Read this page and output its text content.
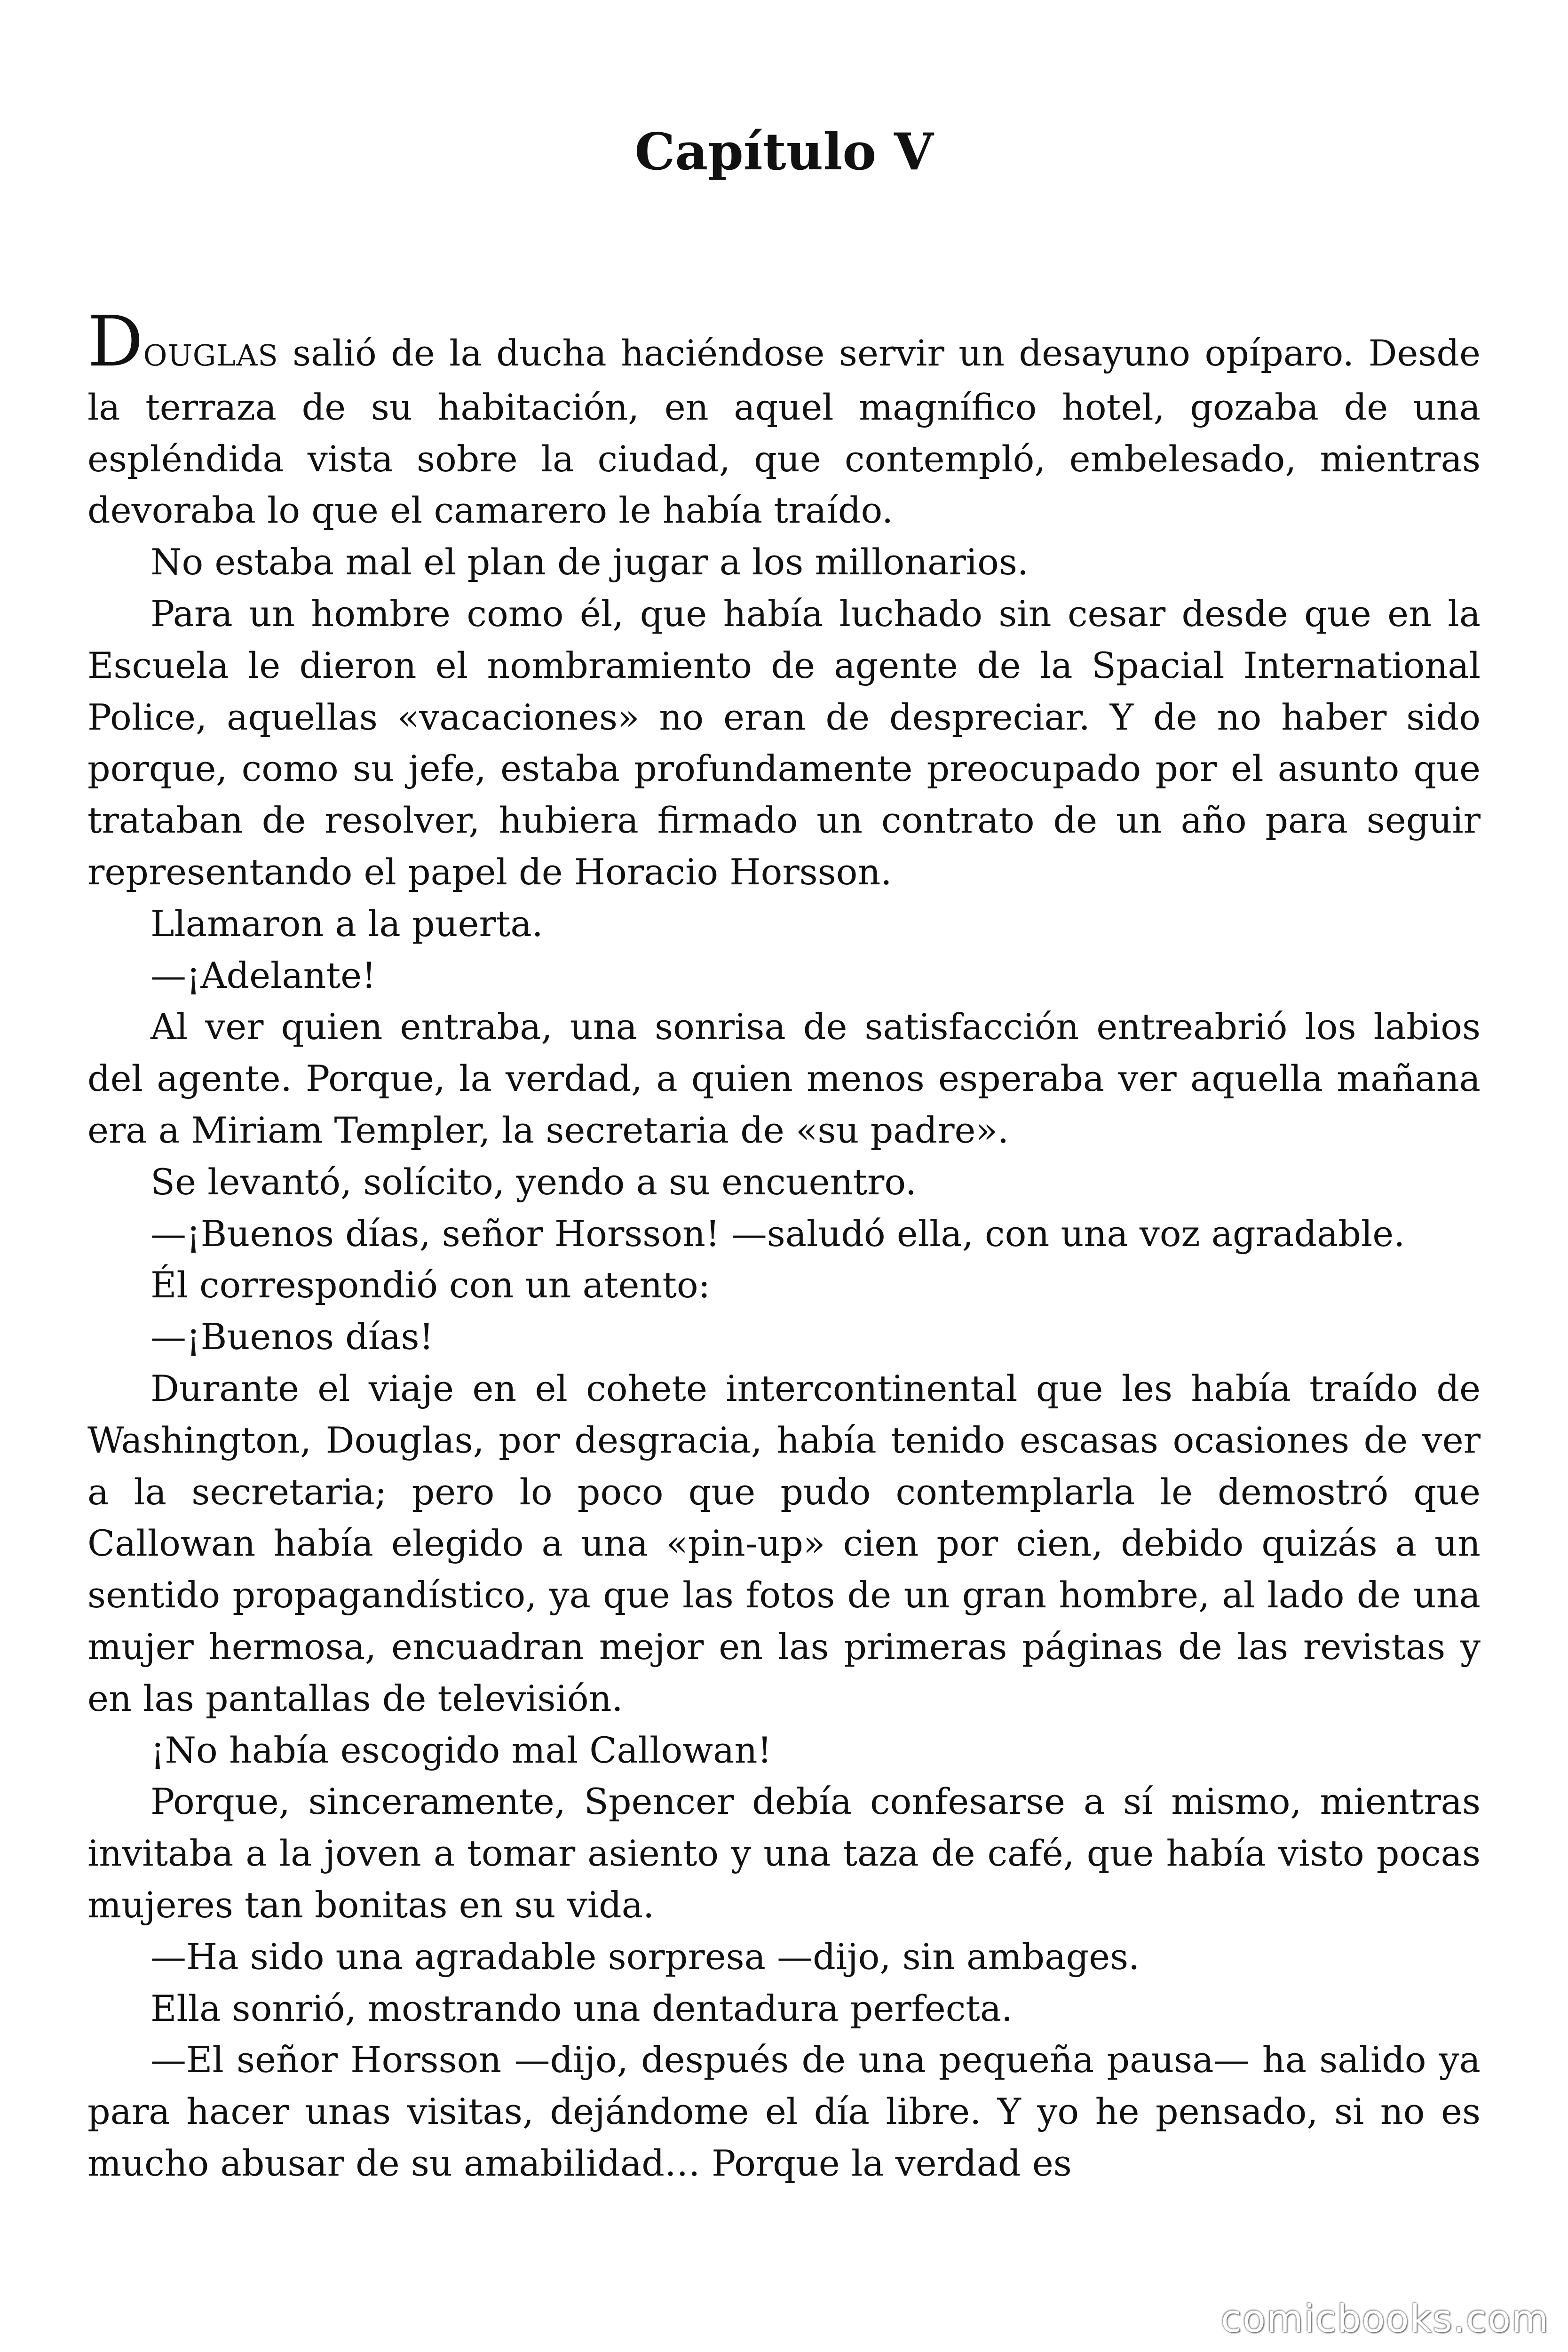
Capítulo V

DOUGLAS salió de la ducha haciéndose servir un desayuno opíparo. Desde la terraza de su habitación, en aquel magnífico hotel, gozaba de una espléndida vista sobre la ciudad, que contempló, embelesado, mientras devoraba lo que el camarero le había traído.

No estaba mal el plan de jugar a los millonarios.

Para un hombre como él, que había luchado sin cesar desde que en la Escuela le dieron el nombramiento de agente de la Spacial International Police, aquellas «vacaciones» no eran de despreciar. Y de no haber sido porque, como su jefe, estaba profundamente preocupado por el asunto que trataban de resolver, hubiera firmado un contrato de un año para seguir representando el papel de Horacio Horsson.

Llamaron a la puerta.

—¡Adelante!

Al ver quien entraba, una sonrisa de satisfacción entreabrió los labios del agente. Porque, la verdad, a quien menos esperaba ver aquella mañana era a Miriam Templer, la secretaria de «su padre».

Se levantó, solícito, yendo a su encuentro.

—¡Buenos días, señor Horsson! —saludó ella, con una voz agradable.

Él correspondió con un atento:

—¡Buenos días!

Durante el viaje en el cohete intercontinental que les había traído de Washington, Douglas, por desgracia, había tenido escasas ocasiones de ver a la secretaria; pero lo poco que pudo contemplarla le demostró que Callowan había elegido a una «pin-up» cien por cien, debido quizás a un sentido propagandístico, ya que las fotos de un gran hombre, al lado de una mujer hermosa, encuadran mejor en las primeras páginas de las revistas y en las pantallas de televisión.

¡No había escogido mal Callowan!

Porque, sinceramente, Spencer debía confesarse a sí mismo, mientras invitaba a la joven a tomar asiento y una taza de café, que había visto pocas mujeres tan bonitas en su vida.

—Ha sido una agradable sorpresa —dijo, sin ambages.

Ella sonrió, mostrando una dentadura perfecta.

—El señor Horsson —dijo, después de una pequeña pausa— ha salido ya para hacer unas visitas, dejándome el día libre. Y yo he pensado, si no es mucho abusar de su amabilidad… Porque la verdad es

comicbooks.com
